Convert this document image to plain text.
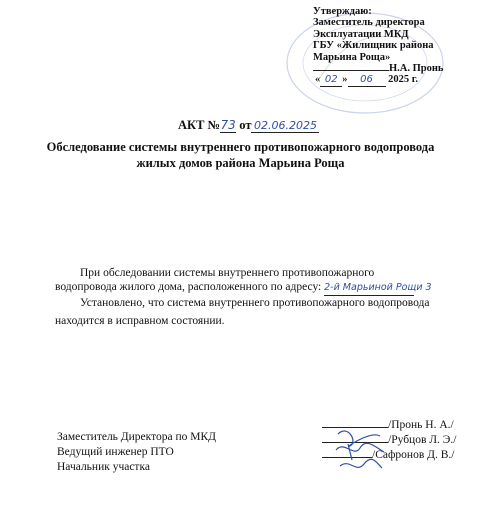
Утверждаю:
Заместитель директора
Эксплуатации МКД
ГБУ «Жилищник района
Марьина Роща»
Н.А. Пронь
« 02 » 06 2025 г.
АКТ №73 от 02.06.2025
Обследование системы внутреннего противопожарного водопровода
жилых домов района Марьина Роща
При обследовании системы внутреннего противопожарного
водопровода жилого дома, расположенного по адресу: 2-й Марьиной Рощи 3
Установлено, что система внутреннего противопожарного водопровода
находится в исправном состоянии.
Заместитель Директора по МКД
Ведущий инженер ПТО
Начальник участка
/Пронь Н. А./
/Рубцов Л. Э./
/Сафронов Д. В./
